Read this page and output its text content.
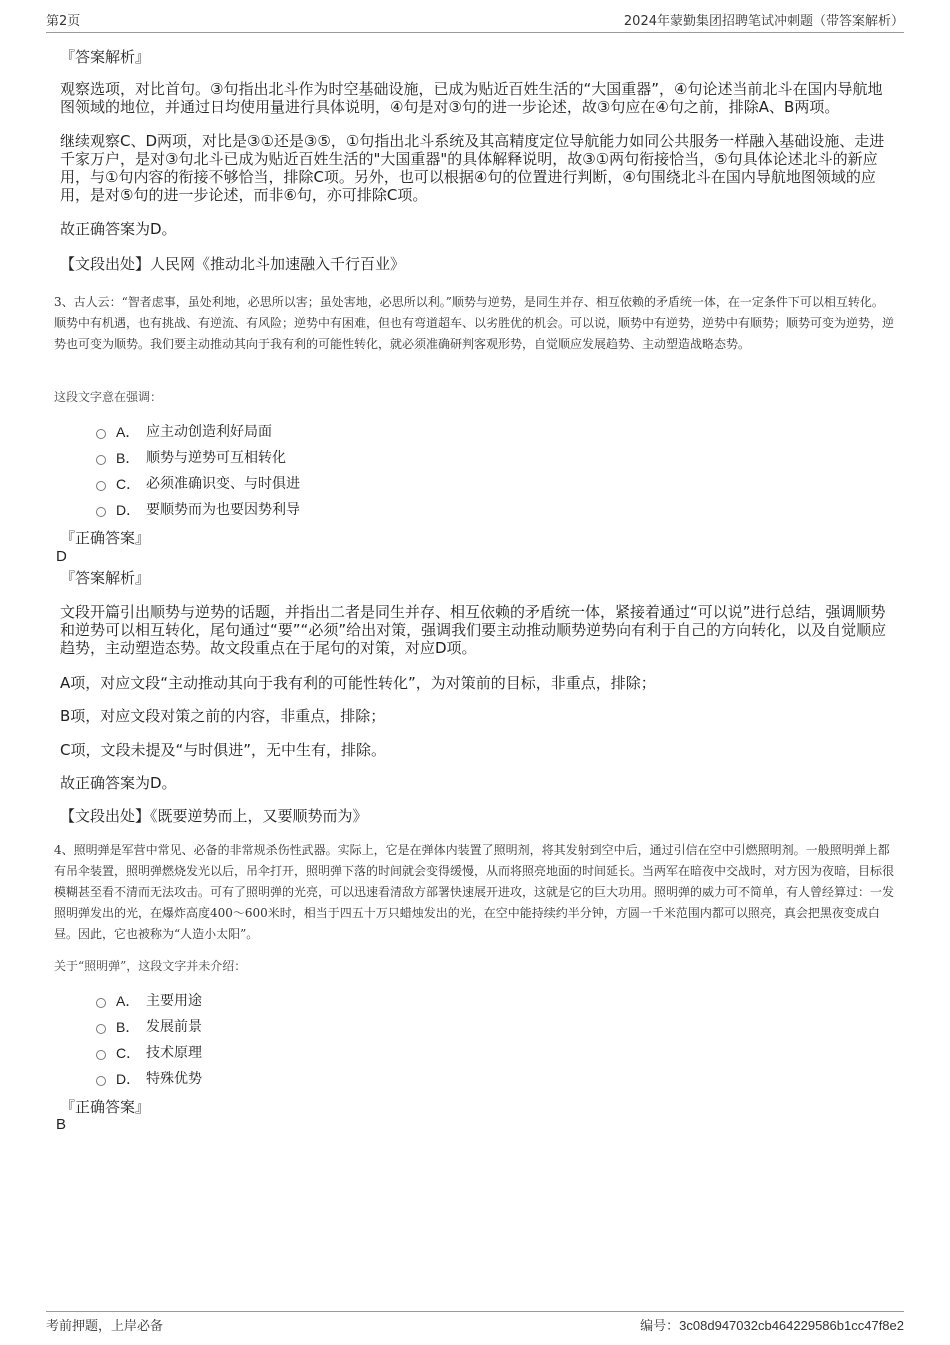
第2页	2024年蒙勤集团招聘笔试冲刺题（带答案解析）
『答案解析』
观察选项，对比首句。③句指出北斗作为时空基础设施，已成为贴近百姓生活的“大国重器”，④句论述当前北斗在国内导航地图领域的地位，并通过日均使用量进行具体说明，④句是对③句的进一步论述，故③句应在④句之前，排除A、B两项。
继续观察C、D两项，对比是③①还是③⑤，①句指出北斗系统及其高精度定位导航能力如同公共服务一样融入基础设施、走进千家万户，是对③句北斗已成为贴近百姓生活的"大国重器"的具体解释说明，故③①两句衔接恰当，⑤句具体论述北斗的新应用，与①句内容的衔接不够恰当，排除C项。另外，也可以根据④句的位置进行判断，④句围绕北斗在国内导航地图领域的应用，是对⑤句的进一步论述，而非⑥句，亦可排除C项。
故正确答案为D。
【文段出处】人民网《推动北斗加速融入千行百业》
3、古人云：“智者虑事，虽处利地，必思所以害；虽处害地，必思所以利。”顺势与逆势，是同生并存、相互依赖的矛盾统一体，在一定条件下可以相互转化。顺势中有机遇，也有挑战、有逆流、有风险；逆势中有困难，但也有弯道超车、以劣胜优的机会。可以说，顺势中有逆势，逆势中有顺势；顺势可变为逆势，逆势也可变为顺势。我们要主动推动其向于我有利的可能性转化，就必须准确研判客观形势，自觉顺应发展趋势、主动塑造战略态势。
这段文字意在强调：
A． 应主动创造利好局面
B． 顺势与逆势可互相转化
C． 必须准确识变、与时俱进
D． 要顺势而为也要因势利导
『正确答案』
D
『答案解析』
文段开篇引出顺势与逆势的话题，并指出二者是同生并存、相互依赖的矛盾统一体，紧接着通过“可以说”进行总结，强调顺势和逆势可以相互转化，尾句通过“要”“必须”给出对策，强调我们要主动推动顺势逆势向有利于自己的方向转化，以及自觉顺应趋势，主动塑造态势。故文段重点在于尾句的对策，对应D项。
A项，对应文段“主动推动其向于我有利的可能性转化”，为对策前的目标，非重点，排除；
B项，对应文段对策之前的内容，非重点，排除；
C项，文段未提及“与时俱进”，无中生有，排除。
故正确答案为D。
【文段出处】《既要逆势而上，又要顺势而为》
4、照明弹是军营中常见、必备的非常规杀伤性武器。实际上，它是在弹体内装置了照明剂，将其发射到空中后，通过引信在空中引燃照明剂。一般照明弹上都有吊伞装置，照明弹燃烧发光以后，吊伞打开，照明弹下落的时间就会变得缓慢，从而将照亮地面的时间延长。当两军在暗夜中交战时，对方因为夜暗，目标很模糊甚至看不清而无法攻击。可有了照明弹的光亮，可以迅速看清敌方部署快速展开进攻，这就是它的巨大功用。照明弹的威力可不简单，有人曾经算过：一发照明弹发出的光，在爆炸高度400～600米时，相当于四五十万只蜡烛发出的光，在空中能持续约半分钟，方圆一千米范围内都可以照亮，真会把黑夜变成白昼。因此，它也被称为“人造小太阳”。
关于“照明弹”，这段文字并未介绍：
A． 主要用途
B． 发展前景
C． 技术原理
D． 特殊优势
『正确答案』
B
考前押题，上岸必备	编号：3c08d947032cb464229586b1cc47f8e2
